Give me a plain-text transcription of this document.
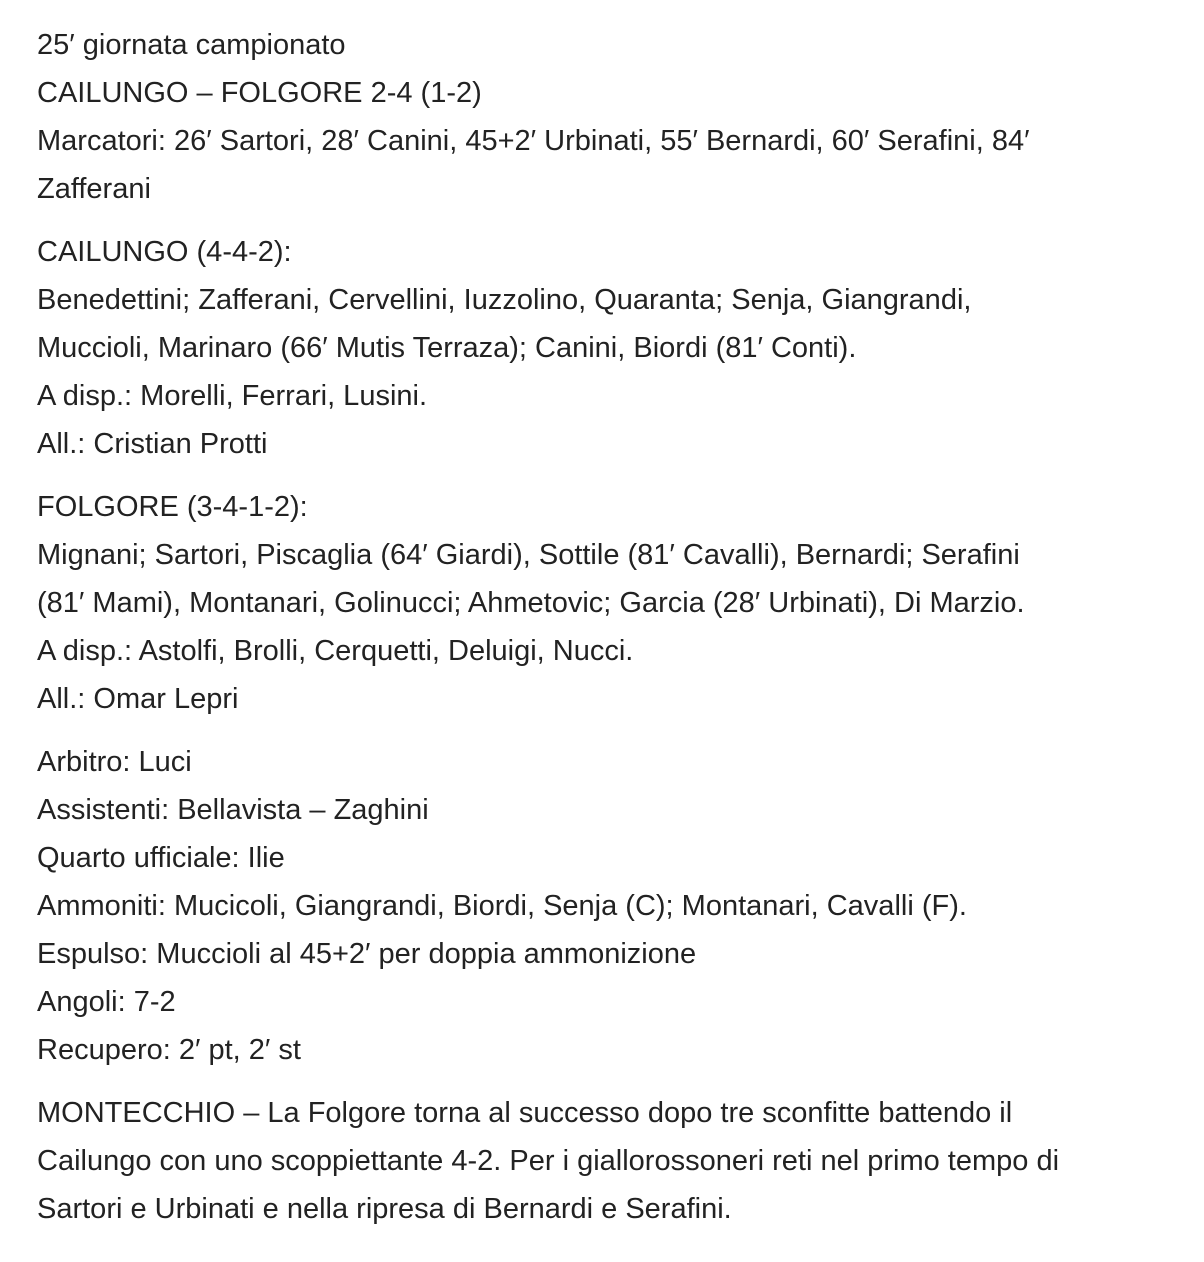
25′ giornata campionato
CAILUNGO – FOLGORE 2-4 (1-2)
Marcatori: 26′ Sartori, 28′ Canini, 45+2′ Urbinati, 55′ Bernardi, 60′ Serafini, 84′
Zafferani

CAILUNGO (4-4-2):
Benedettini; Zafferani, Cervellini, Iuzzolino, Quaranta; Senja, Giangrandi,
Muccioli, Marinaro (66′ Mutis Terraza); Canini, Biordi (81′ Conti).
A disp.: Morelli, Ferrari, Lusini.
All.: Cristian Protti

FOLGORE (3-4-1-2):
Mignani; Sartori, Piscaglia (64′ Giardi), Sottile (81′ Cavalli), Bernardi; Serafini
(81′ Mami), Montanari, Golinucci; Ahmetovic; Garcia (28′ Urbinati), Di Marzio.
A disp.: Astolfi, Brolli, Cerquetti, Deluigi, Nucci.
All.: Omar Lepri

Arbitro: Luci
Assistenti: Bellavista – Zaghini
Quarto ufficiale: Ilie
Ammoniti: Mucicoli, Giangrandi, Biordi, Senja (C); Montanari, Cavalli (F).
Espulso: Muccioli al 45+2′ per doppia ammonizione
Angoli: 7-2
Recupero: 2′ pt, 2′ st

MONTECCHIO – La Folgore torna al successo dopo tre sconfitte battendo il
Cailungo con uno scoppiettante 4-2. Per i giallorossoneri reti nel primo tempo di
Sartori e Urbinati e nella ripresa di Bernardi e Serafini.
